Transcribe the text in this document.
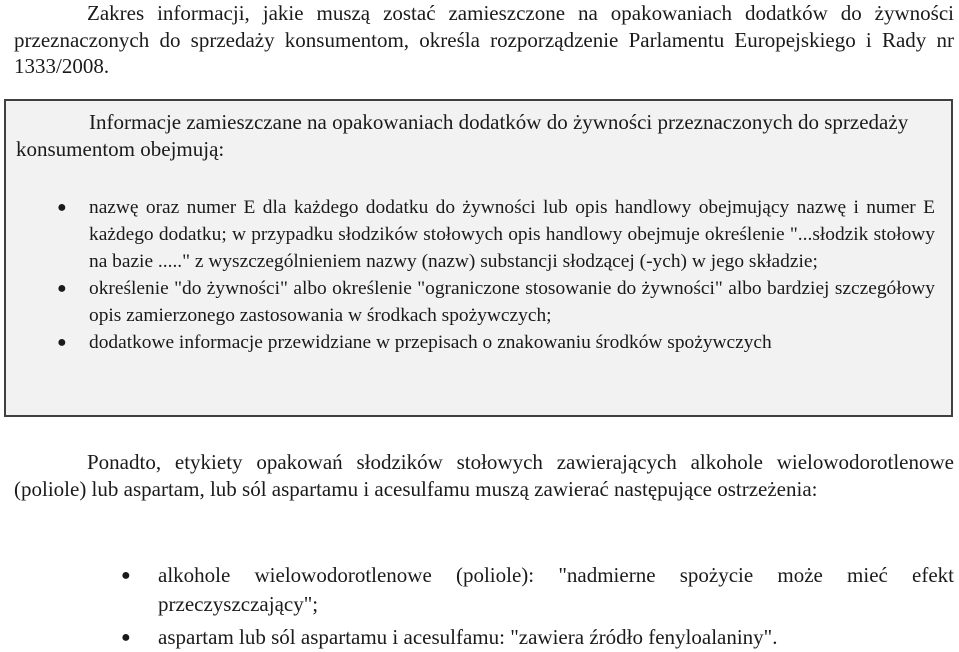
Zakres informacji, jakie muszą zostać zamieszczone na opakowaniach dodatków do żywności przeznaczonych do sprzedaży konsumentom, określa rozporządzenie Parlamentu Europejskiego i Rady nr 1333/2008.

Informacje zamieszczane na opakowaniach dodatków do żywności przeznaczonych do sprzedaży konsumentom obejmują:

● nazwę oraz numer E dla każdego dodatku do żywności lub opis handlowy obejmujący nazwę i numer E każdego dodatku; w przypadku słodzików stołowych opis handlowy obejmuje określenie "...słodzik stołowy na bazie ....." z wyszczególnieniem nazwy (nazw) substancji słodzącej (-ych) w jego składzie;
● określenie "do żywności" albo określenie "ograniczone stosowanie do żywności" albo bardziej szczegółowy opis zamierzonego zastosowania w środkach spożywczych;
● dodatkowe informacje przewidziane w przepisach o znakowaniu środków spożywczych

Ponadto, etykiety opakowań słodzików stołowych zawierających alkohole wielowodorotlenowe (poliole) lub aspartam, lub sól aspartamu i acesulfamu muszą zawierać następujące ostrzeżenia:

● alkohole wielowodorotlenowe (poliole): "nadmierne spożycie może mieć efekt przeczyszczający";
● aspartam lub sól aspartamu i acesulfamu: "zawiera źródło fenyloalaniny".
